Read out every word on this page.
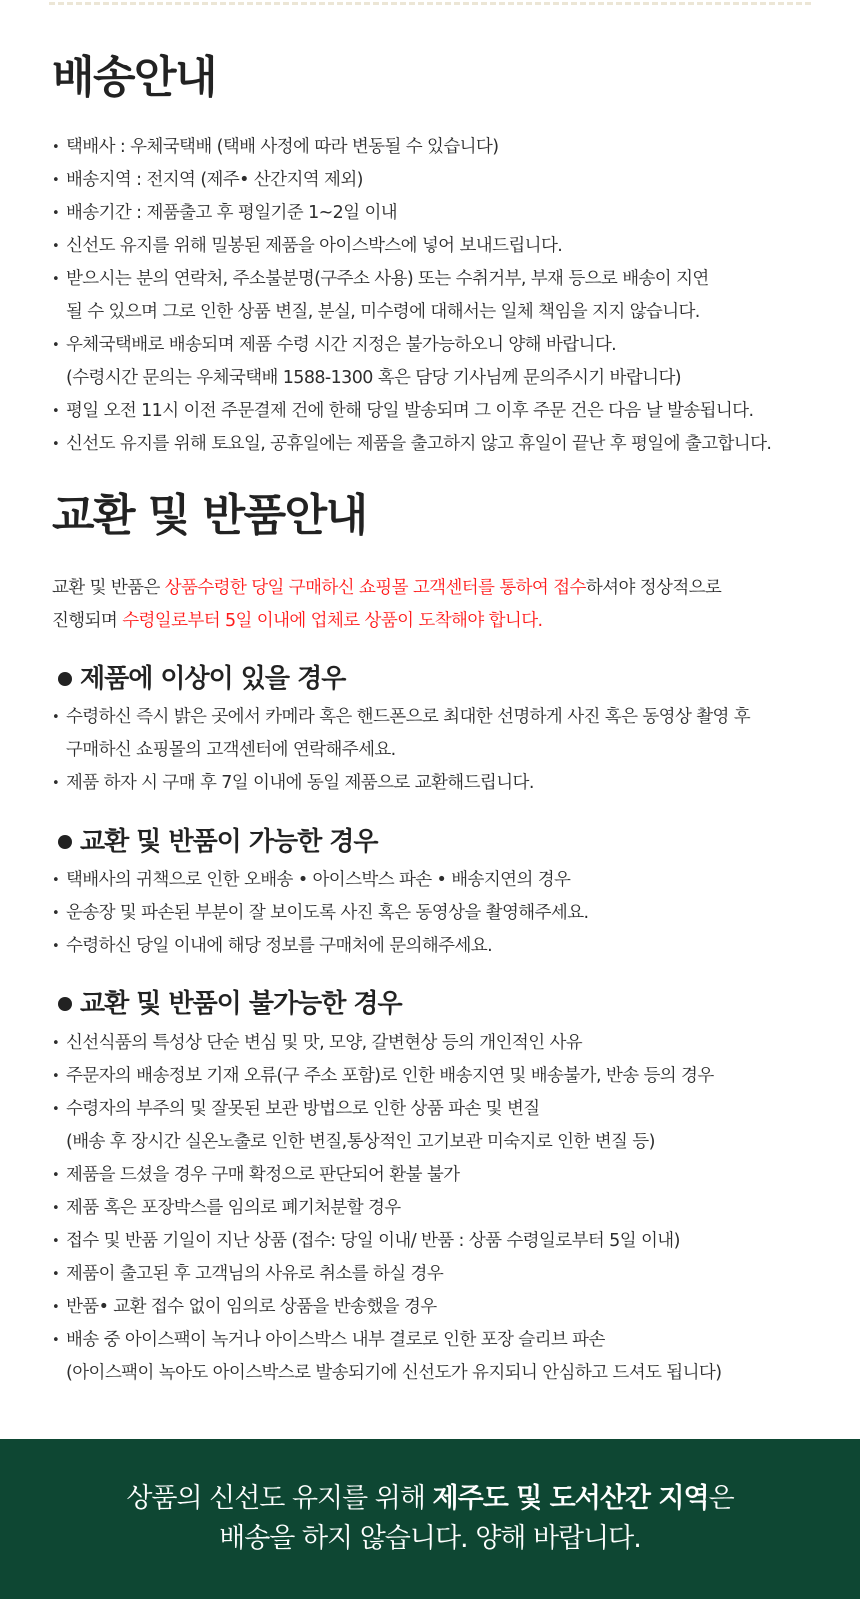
배송안내
• 택배사 : 우체국택배 (택배 사정에 따라 변동될 수 있습니다)
• 배송지역 : 전지역 (제주• 산간지역 제외)
• 배송기간 : 제품출고 후 평일기준 1~2일 이내
• 신선도 유지를 위해 밀봉된 제품을 아이스박스에 넣어 보내드립니다.
• 받으시는 분의 연락처, 주소불분명(구주소 사용) 또는 수취거부, 부재 등으로 배송이 지연
될 수 있으며 그로 인한 상품 변질, 분실, 미수령에 대해서는 일체 책임을 지지 않습니다.
• 우체국택배로 배송되며 제품 수령 시간 지정은 불가능하오니 양해 바랍니다.
(수령시간 문의는 우체국택배 1588-1300 혹은 담당 기사님께 문의주시기 바랍니다)
• 평일 오전 11시 이전 주문결제 건에 한해 당일 발송되며 그 이후 주문 건은 다음 날 발송됩니다.
• 신선도 유지를 위해 토요일, 공휴일에는 제품을 출고하지 않고 휴일이 끝난 후 평일에 출고합니다.
교환 및 반품안내

교환 및 반품은 상품수령한 당일 구매하신 쇼핑몰 고객센터를 통하여 접수하셔야 정상적으로
진행되며 수령일로부터 5일 이내에 업체로 상품이 도착해야 합니다.

제품에 이상이 있을 경우
• 수령하신 즉시 밝은 곳에서 카메라 혹은 핸드폰으로 최대한 선명하게 사진 혹은 동영상 촬영 후
구매하신 쇼핑몰의 고객센터에 연락해주세요.
• 제품 하자 시 구매 후 7일 이내에 동일 제품으로 교환해드립니다.
교환 및 반품이 가능한 경우
• 택배사의 귀책으로 인한 오배송 • 아이스박스 파손 • 배송지연의 경우
• 운송장 및 파손된 부분이 잘 보이도록 사진 혹은 동영상을 촬영해주세요.
• 수령하신 당일 이내에 해당 정보를 구매처에 문의해주세요.
교환 및 반품이 불가능한 경우
• 신선식품의 특성상 단순 변심 및 맛, 모양, 갈변현상 등의 개인적인 사유
• 주문자의 배송정보 기재 오류(구 주소 포함)로 인한 배송지연 및 배송불가, 반송 등의 경우
• 수령자의 부주의 및 잘못된 보관 방법으로 인한 상품 파손 및 변질
(배송 후 장시간 실온노출로 인한 변질,통상적인 고기보관 미숙지로 인한 변질 등)
• 제품을 드셨을 경우 구매 확정으로 판단되어 환불 불가
• 제품 혹은 포장박스를 임의로 폐기처분할 경우
• 접수 및 반품 기일이 지난 상품 (접수: 당일 이내/ 반품 : 상품 수령일로부터 5일 이내)
• 제품이 출고된 후 고객님의 사유로 취소를 하실 경우
• 반품• 교환 접수 없이 임의로 상품을 반송했을 경우
• 배송 중 아이스팩이 녹거나 아이스박스 내부 결로로 인한 포장 슬리브 파손
(아이스팩이 녹아도 아이스박스로 발송되기에 신선도가 유지되니 안심하고 드셔도 됩니다)

상품의 신선도 유지를 위해 제주도 및 도서산간 지역은
배송을 하지 않습니다. 양해 바랍니다.
